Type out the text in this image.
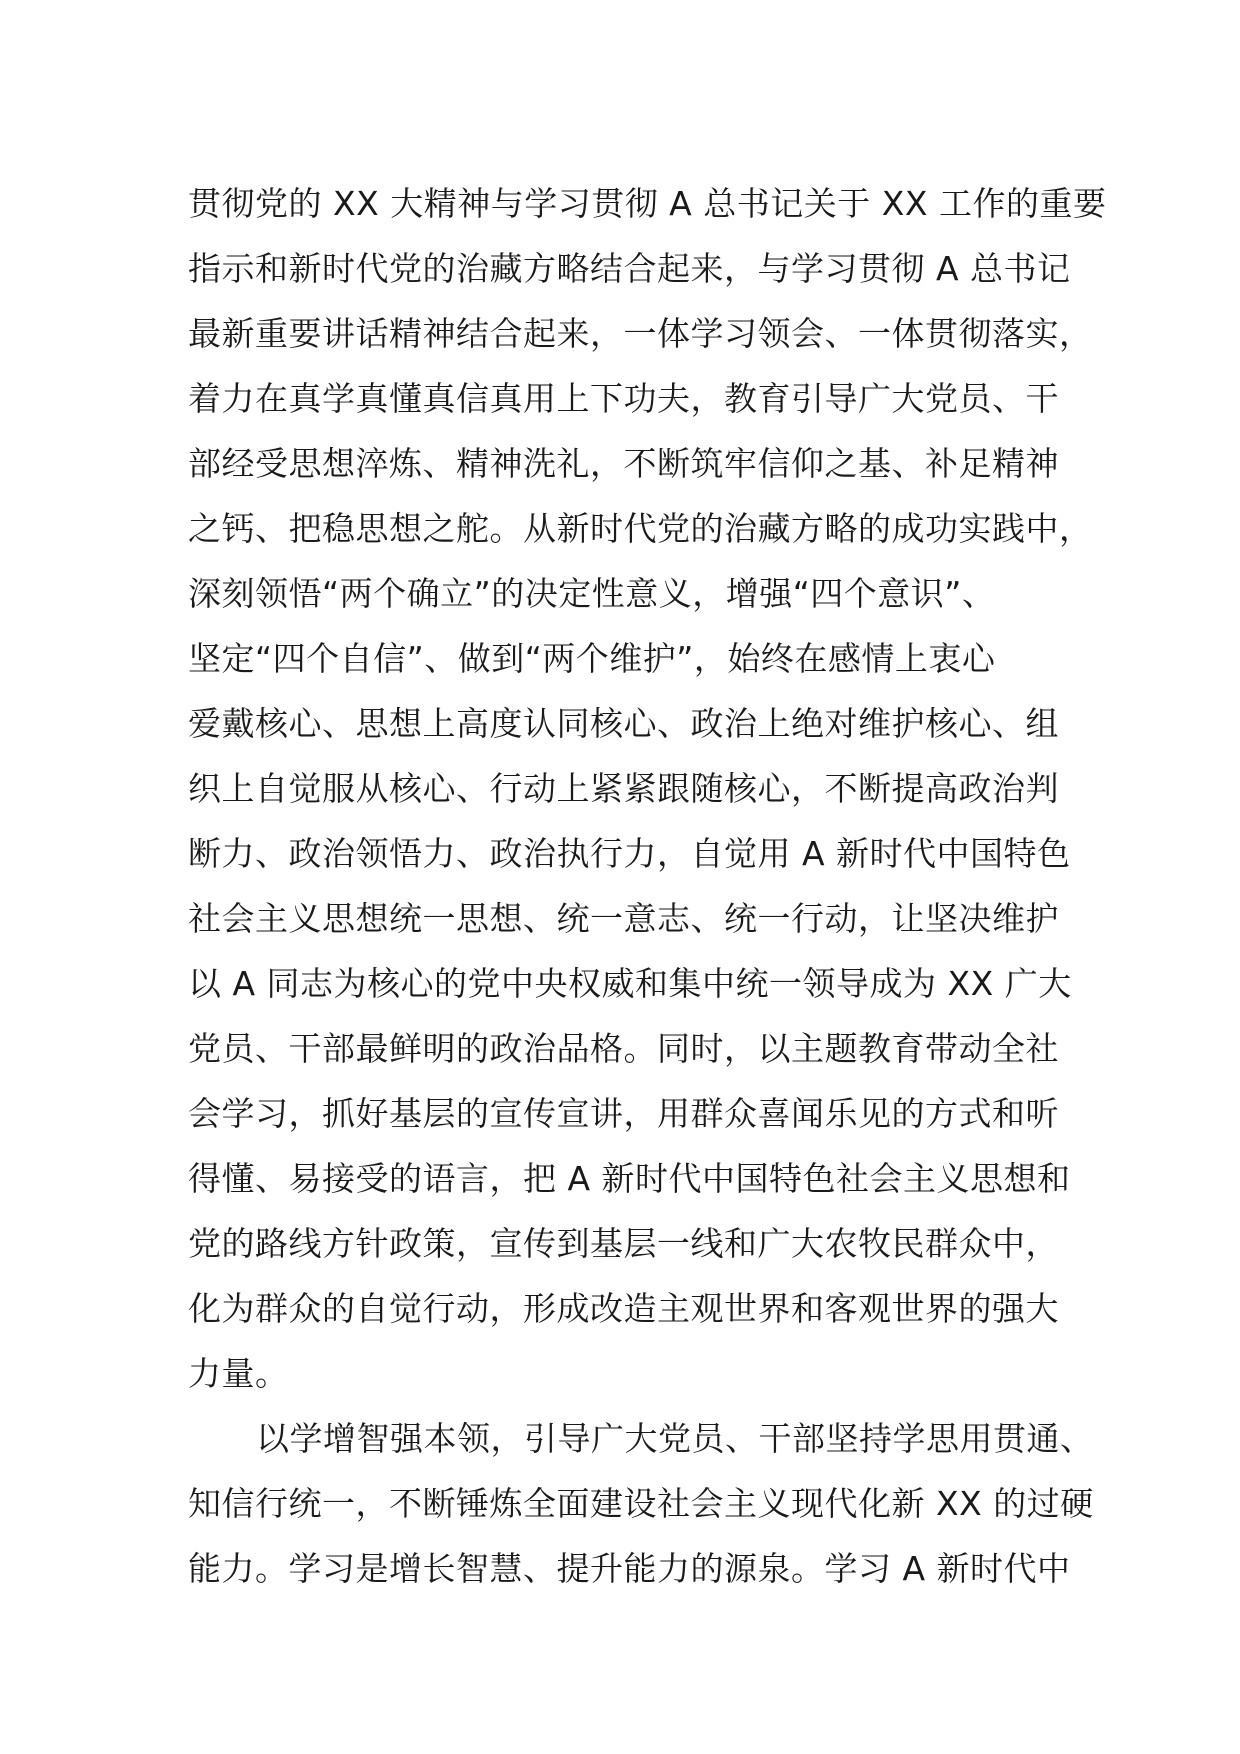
贯彻党的 XX 大精神与学习贯彻 A 总书记关于 XX 工作的重要
指示和新时代党的治藏方略结合起来，与学习贯彻 A 总书记
最新重要讲话精神结合起来，一体学习领会、一体贯彻落实，
着力在真学真懂真信真用上下功夫，教育引导广大党员、干
部经受思想淬炼、精神洗礼，不断筑牢信仰之基、补足精神
之钙、把稳思想之舵。从新时代党的治藏方略的成功实践中，
深刻领悟“两个确立”的决定性意义，增强“四个意识”、
坚定“四个自信”、做到“两个维护”，始终在感情上衷心
爱戴核心、思想上高度认同核心、政治上绝对维护核心、组
织上自觉服从核心、行动上紧紧跟随核心，不断提高政治判
断力、政治领悟力、政治执行力，自觉用 A 新时代中国特色
社会主义思想统一思想、统一意志、统一行动，让坚决维护
以 A 同志为核心的党中央权威和集中统一领导成为 XX 广大
党员、干部最鲜明的政治品格。同时，以主题教育带动全社
会学习，抓好基层的宣传宣讲，用群众喜闻乐见的方式和听
得懂、易接受的语言，把 A 新时代中国特色社会主义思想和
党的路线方针政策，宣传到基层一线和广大农牧民群众中，
化为群众的自觉行动，形成改造主观世界和客观世界的强大
力量。
以学增智强本领，引导广大党员、干部坚持学思用贯通、
知信行统一，不断锤炼全面建设社会主义现代化新 XX 的过硬
能力。学习是增长智慧、提升能力的源泉。学习 A 新时代中
